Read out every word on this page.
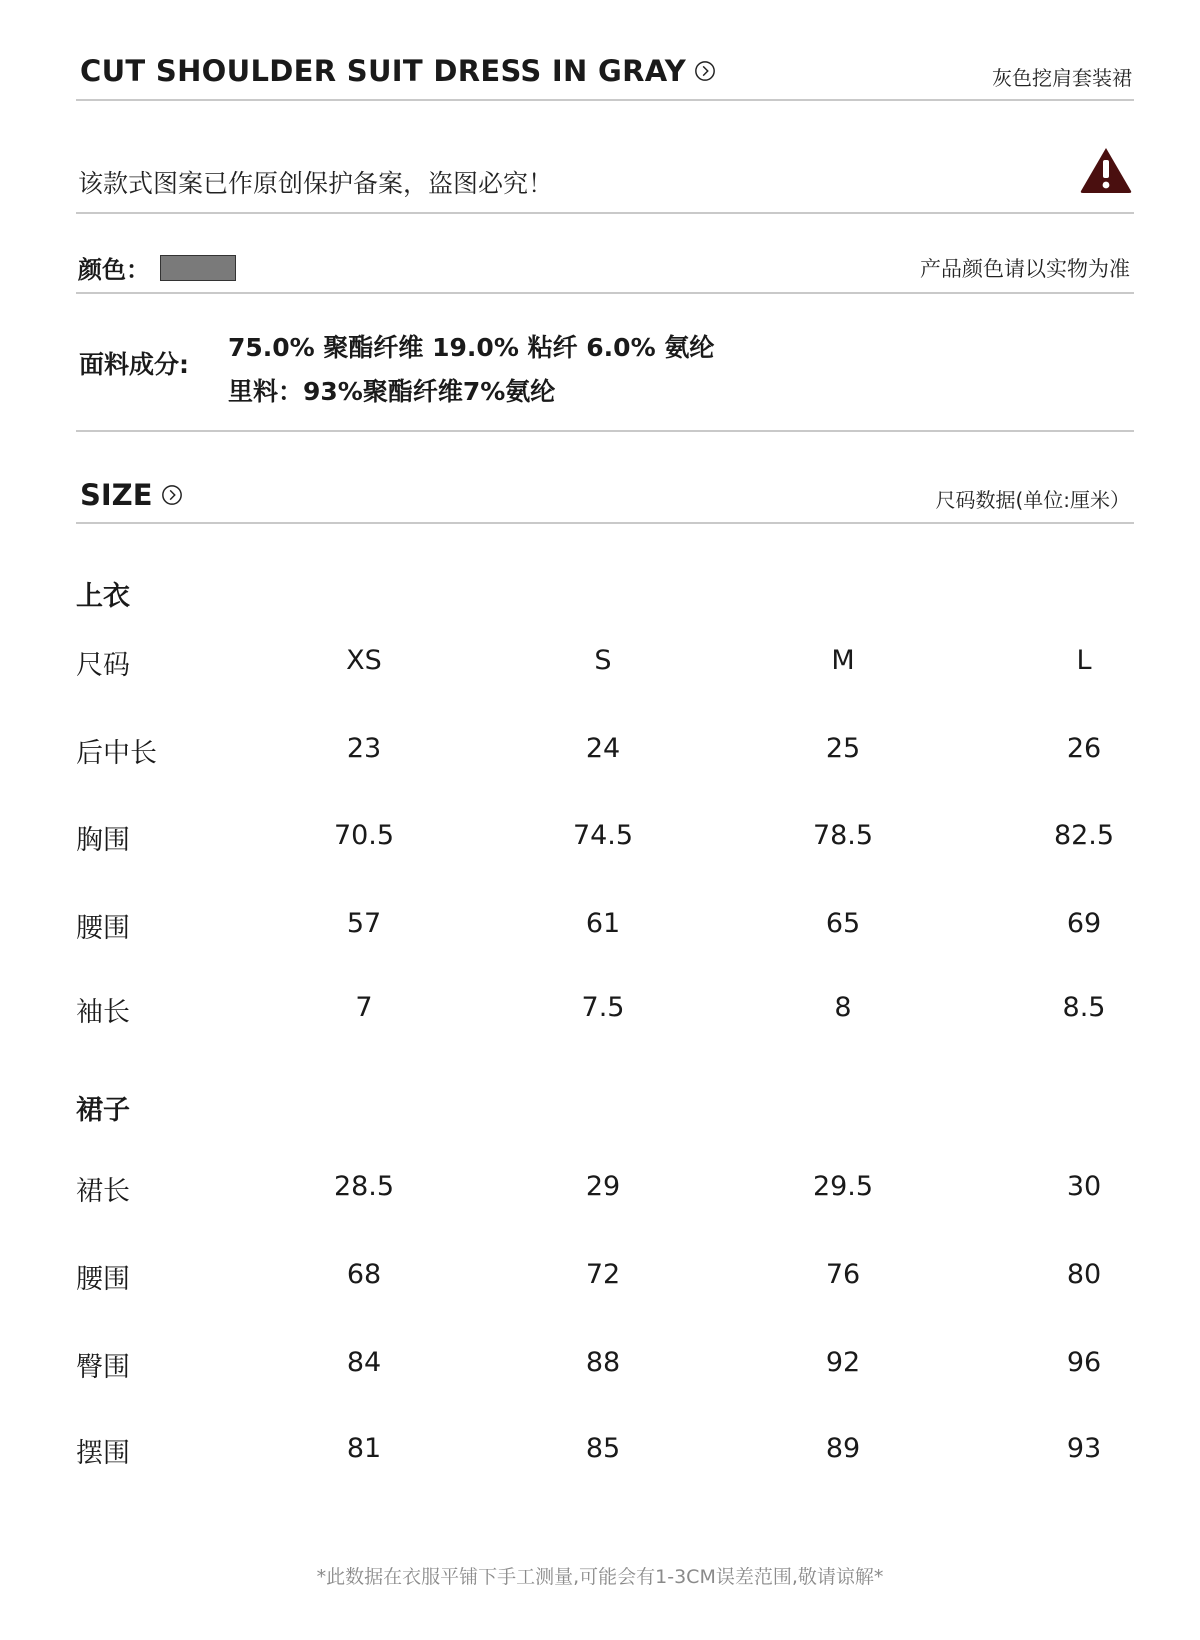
CUT SHOULDER SUIT DRESS IN GRAY	灰色挖肩套装裙
该款式图案已作原创保护备案，盗图必究！
颜色：	产品颜色请以实物为准
面料成分:
75.0% 聚酯纤维 19.0% 粘纤 6.0% 氨纶
里料：93%聚酯纤维7%氨纶
SIZE	尺码数据(单位:厘米）
上衣
尺码	XS	S	M	L
后中长	23	24	25	26
胸围	70.5	74.5	78.5	82.5
腰围	57	61	65	69
袖长	7	7.5	8	8.5
裙子
裙长	28.5	29	29.5	30
腰围	68	72	76	80
臀围	84	88	92	96
摆围	81	85	89	93
*此数据在衣服平铺下手工测量,可能会有1-3CM误差范围,敬请谅解*
